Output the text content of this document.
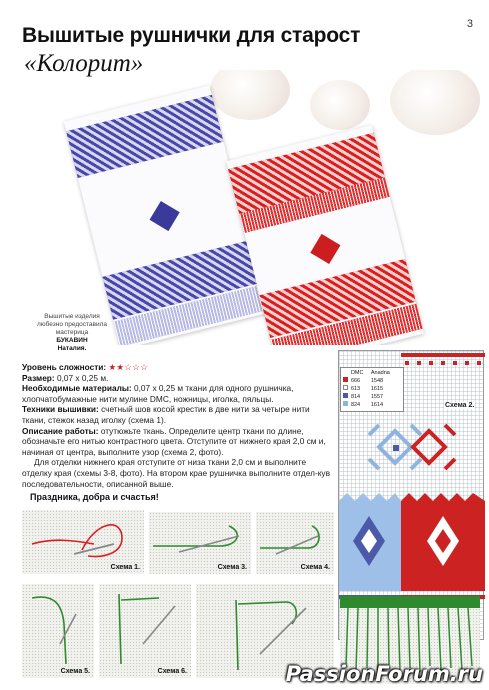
3
Вышитые рушнички для старост
«Колорит»
Вышитые изделия
любезно предоставила
мастерица
БУКАВИН
Наталия.

Уровень сложности: ★★☆☆☆

Размер: 0,07 х 0,25 м.

Необходимые материалы: 0,07 х 0,25 м ткани для одного рушничка, хлопчатобумажные нити мулине DMC, ножницы, иголка, пяльцы.

Техники вышивки: счетный шов косой крестик в две нити за четыре нити ткани, стежок назад иголку (схема 1).

Описание работы: отутюжьте ткань. Определите центр ткани по длине, обозначьте его нитью контрастного цвета. Отступите от нижнего края 2,0 см и, начиная от центра, выполните узор (схема 2, фото).

Для отделки нижнего края отступите от низа ткани 2,0 см и выполните отделку края (схемы 3-8, фото). На втором крае рушничка выполните отдел-кув последовательности, описанной выше.

Праздника, добра и счастья!
	DMC	Anadna
	666	1548
	613	1615
	814	1557
	824	1614	Схема 2.
Схема 1.	Схема 3.	Схема 4.
Схема 5.	Схема 6.	PassionForum.ru
